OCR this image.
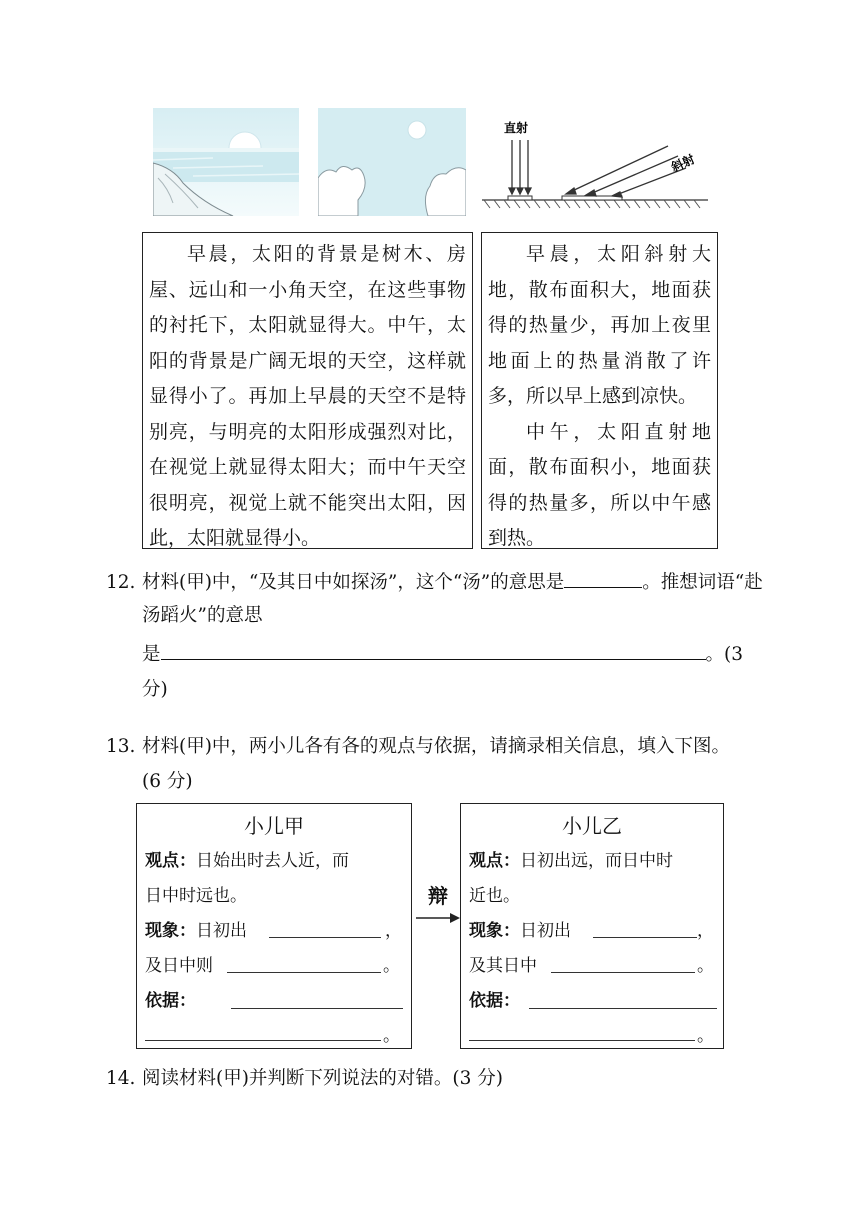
直射
斜射

早晨，太阳的背景是树木、房屋、远山和一小角天空，在这些事物的衬托下，太阳就显得大。中午，太阳的背景是广阔无垠的天空，这样就显得小了。再加上早晨的天空不是特别亮，与明亮的太阳形成强烈对比，在视觉上就显得太阳大；而中午天空很明亮，视觉上就不能突出太阳，因此，太阳就显得小。

早晨，太阳斜射大地，散布面积大，地面获得的热量少，再加上夜里地面上的热量消散了许多，所以早上感到凉快。

中午，太阳直射地面，散布面积小，地面获得的热量多，所以中午感到热。

12. 材料(甲)中，“及其日中如探汤”，这个“汤”的意思是	。推想词语“赴汤蹈火”的意思
是	。(3
分)
13. 材料(甲)中，两小儿各有各的观点与依据，请摘录相关信息，填入下图。
(6 分)
小儿甲
观点：日始出时去人近，而
日中时远也。
现象：日初出	，
及日中则	。
依据：
。
辩
小儿乙
观点：日初出远，而日中时
近也。
现象：日初出	，
及其日中	。
依据：
。
14. 阅读材料(甲)并判断下列说法的对错。(3 分)
